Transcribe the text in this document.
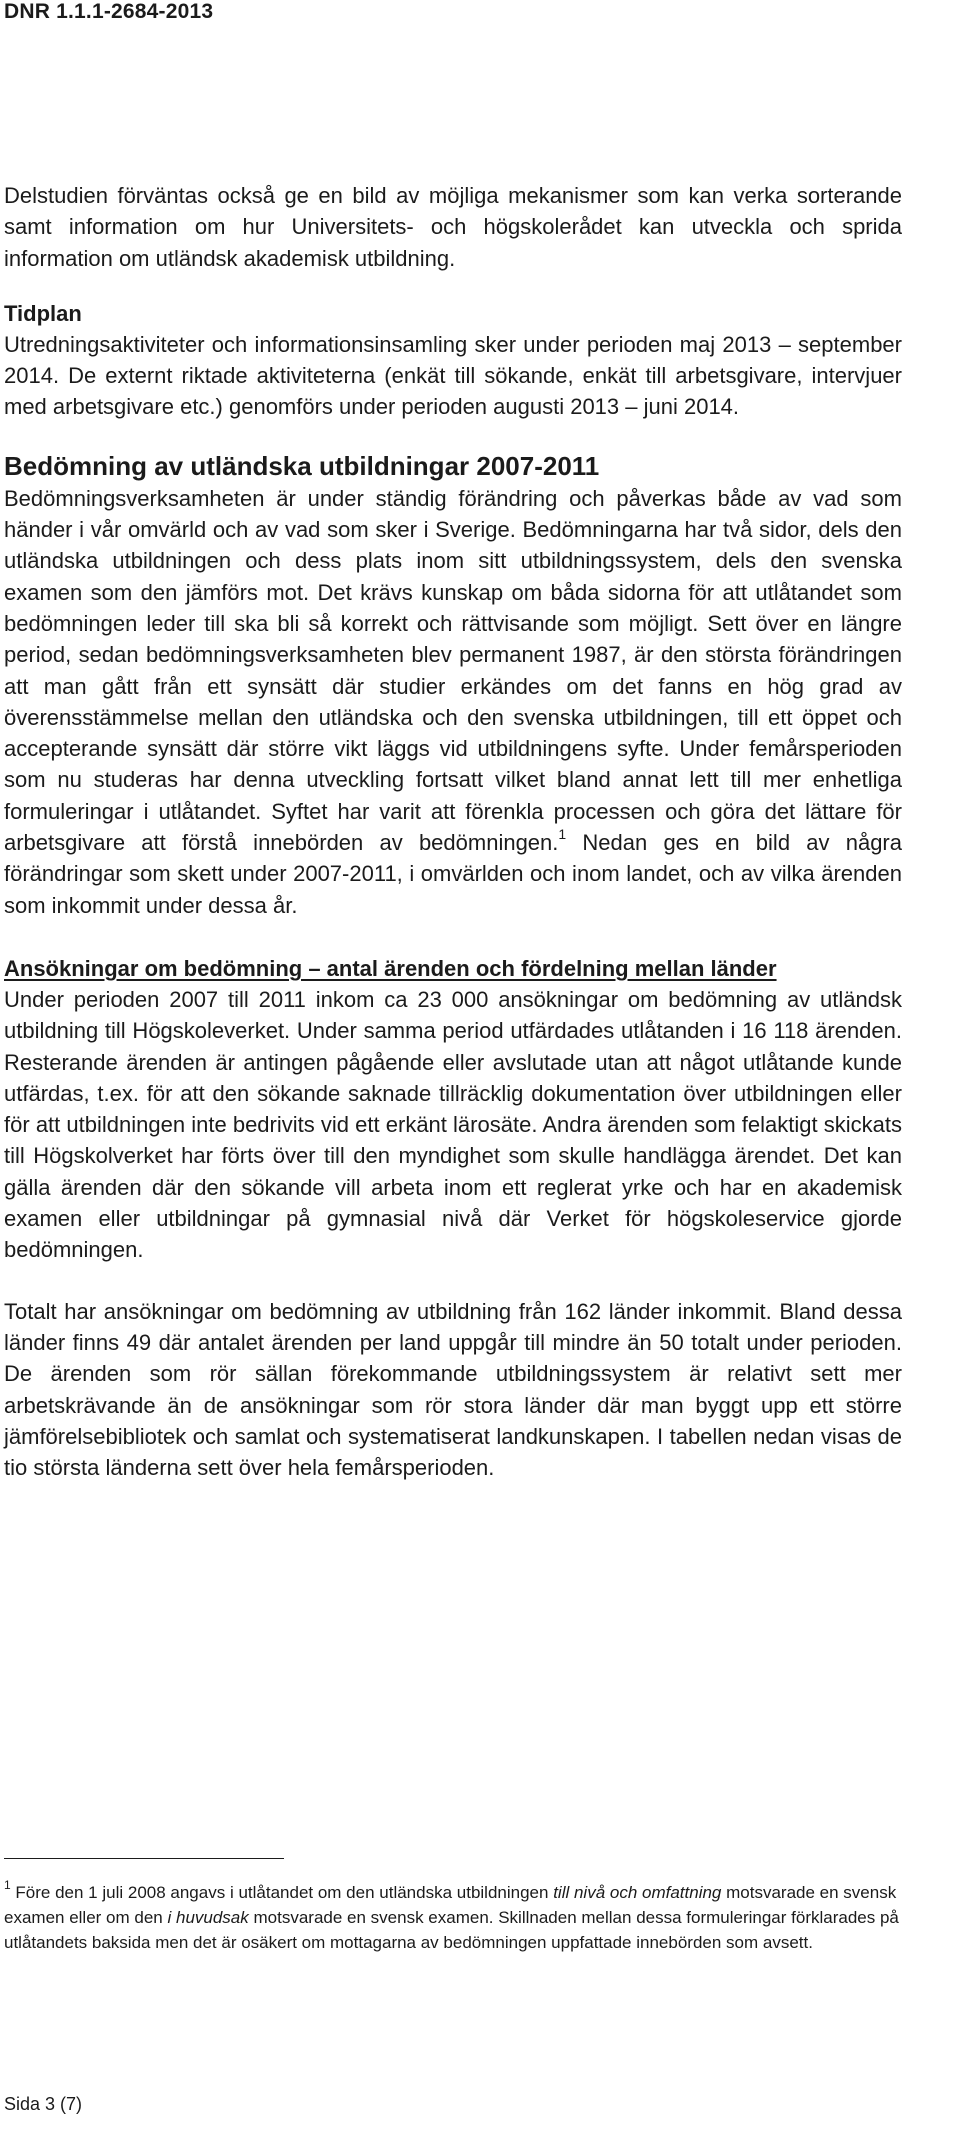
DNR 1.1.1-2684-2013

Delstudien förväntas också ge en bild av möjliga mekanismer som kan verka sorterande samt information om hur Universitets- och högskolerådet kan utveckla och sprida information om utländsk akademisk utbildning.

Tidplan

Utredningsaktiviteter och informationsinsamling sker under perioden maj 2013 – september 2014. De externt riktade aktiviteterna (enkät till sökande, enkät till arbetsgivare, intervjuer med arbetsgivare etc.) genomförs under perioden augusti 2013 – juni 2014.

Bedömning av utländska utbildningar 2007-2011

Bedömningsverksamheten är under ständig förändring och påverkas både av vad som händer i vår omvärld och av vad som sker i Sverige. Bedömningarna har två sidor, dels den utländska utbildningen och dess plats inom sitt utbildningssystem, dels den svenska examen som den jämförs mot. Det krävs kunskap om båda sidorna för att utlåtandet som bedömningen leder till ska bli så korrekt och rättvisande som möjligt. Sett över en längre period, sedan bedömningsverksamheten blev permanent 1987, är den största förändringen att man gått från ett synsätt där studier erkändes om det fanns en hög grad av överensstämmelse mellan den utländska och den svenska utbildningen, till ett öppet och accepterande synsätt där större vikt läggs vid utbildningens syfte. Under femårsperioden som nu studeras har denna utveckling fortsatt vilket bland annat lett till mer enhetliga formuleringar i utlåtandet. Syftet har varit att förenkla processen och göra det lättare för arbetsgivare att förstå innebörden av bedömningen.$^1$ Nedan ges en bild av några förändringar som skett under 2007-2011, i omvärlden och inom landet, och av vilka ärenden som inkommit under dessa år.

Ansökningar om bedömning – antal ärenden och fördelning mellan länder

Under perioden 2007 till 2011 inkom ca 23 000 ansökningar om bedömning av utländsk utbildning till Högskoleverket. Under samma period utfärdades utlåtanden i 16 118 ärenden. Resterande ärenden är antingen pågående eller avslutade utan att något utlåtande kunde utfärdas, t.ex. för att den sökande saknade tillräcklig dokumentation över utbildningen eller för att utbildningen inte bedrivits vid ett erkänt lärosäte. Andra ärenden som felaktigt skickats till Högskolverket har förts över till den myndighet som skulle handlägga ärendet. Det kan gälla ärenden där den sökande vill arbeta inom ett reglerat yrke och har en akademisk examen eller utbildningar på gymnasial nivå där Verket för högskoleservice gjorde bedömningen.

Totalt har ansökningar om bedömning av utbildning från 162 länder inkommit. Bland dessa länder finns 49 där antalet ärenden per land uppgår till mindre än 50 totalt under perioden. De ärenden som rör sällan förekommande utbildningssystem är relativt sett mer arbetskrävande än de ansökningar som rör stora länder där man byggt upp ett större jämförelsebibliotek och samlat och systematiserat landkunskapen. I tabellen nedan visas de tio största länderna sett över hela femårsperioden.

$^1$ Före den 1 juli 2008 angavs i utlåtandet om den utländska utbildningen till nivå och omfattning motsvarade en svensk examen eller om den i huvudsak motsvarade en svensk examen. Skillnaden mellan dessa formuleringar förklarades på utlåtandets baksida men det är osäkert om mottagarna av bedömningen uppfattade innebörden som avsett.
Sida 3 (7)
